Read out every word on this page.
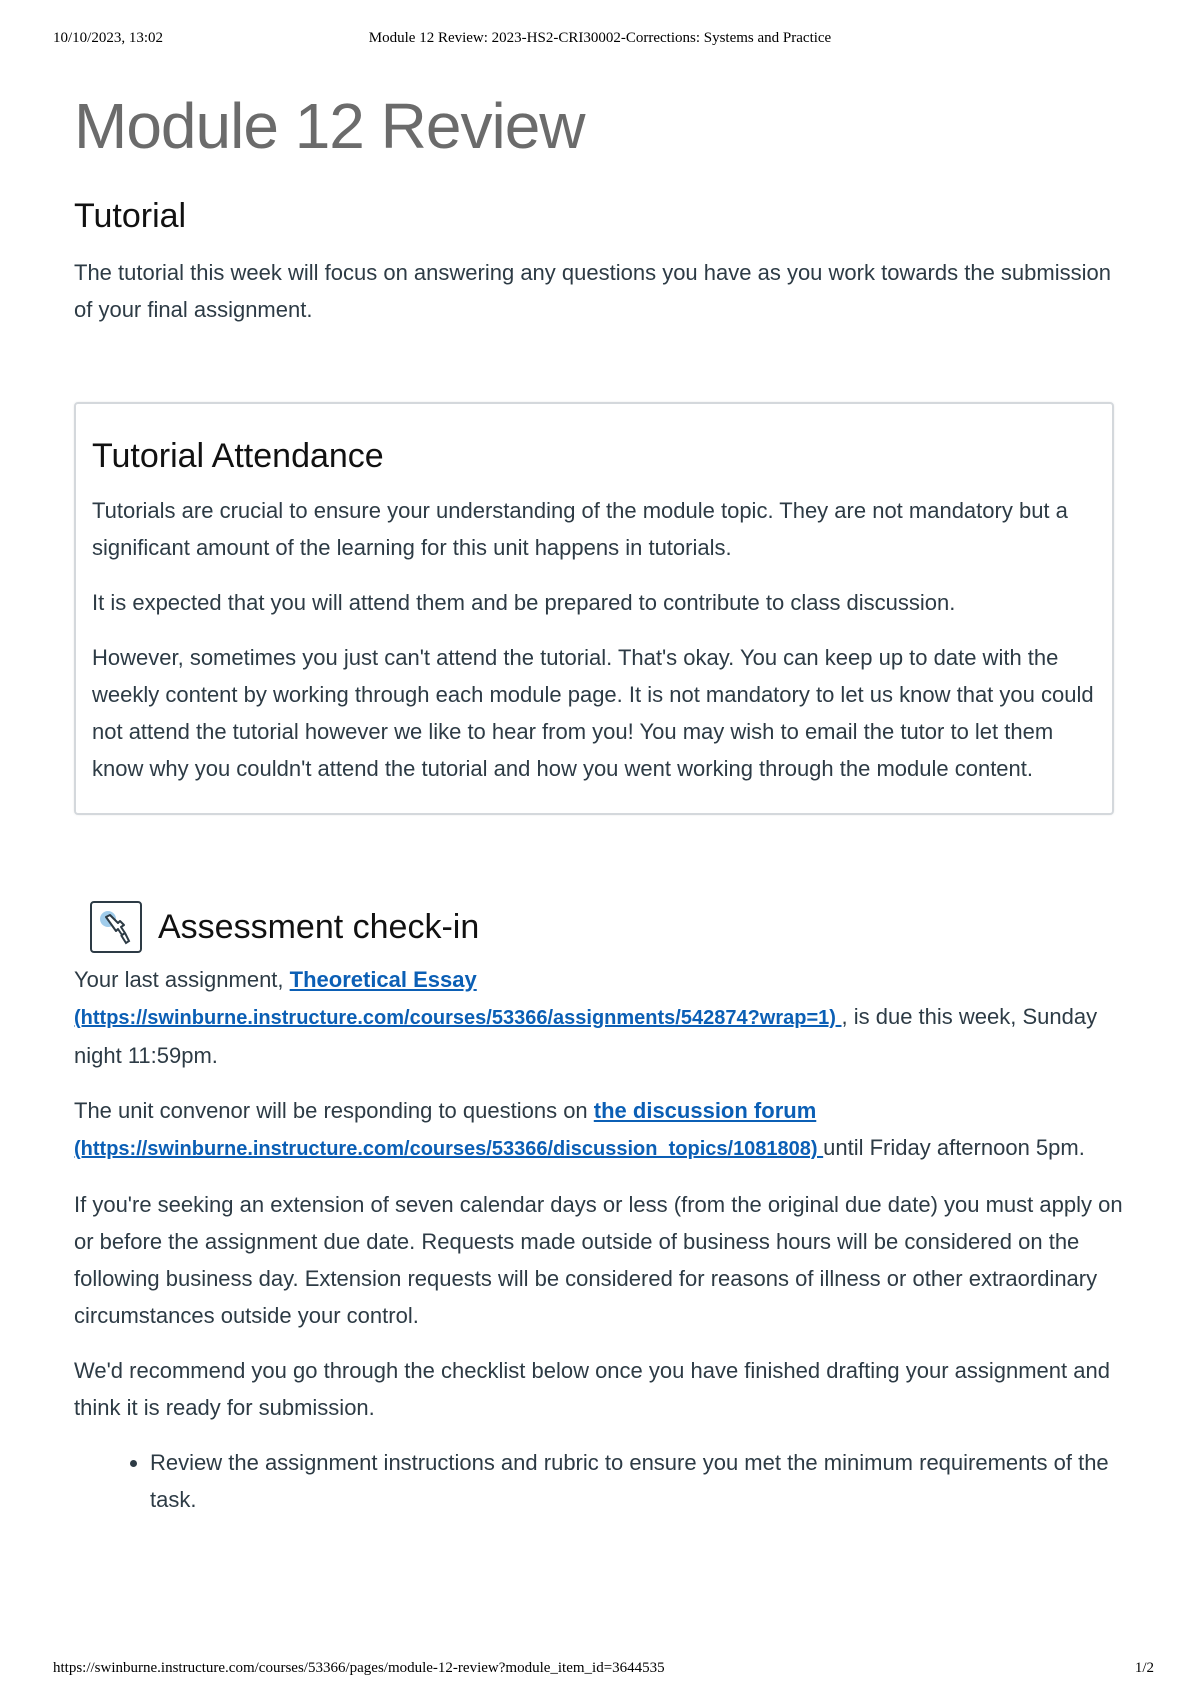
10/10/2023, 13:02	Module 12 Review: 2023-HS2-CRI30002-Corrections: Systems and Practice
Module 12 Review
Tutorial

The tutorial this week will focus on answering any questions you have as you work towards the submission of your final assignment.

Tutorial Attendance

Tutorials are crucial to ensure your understanding of the module topic. They are not mandatory but a significant amount of the learning for this unit happens in tutorials.

It is expected that you will attend them and be prepared to contribute to class discussion.

However, sometimes you just can't attend the tutorial. That's okay. You can keep up to date with the weekly content by working through each module page. It is not mandatory to let us know that you could not attend the tutorial however we like to hear from you! You may wish to email the tutor to let them know why you couldn't attend the tutorial and how you went working through the module content.

Assessment check-in

Your last assignment, Theoretical Essay
(https://swinburne.instructure.com/courses/53366/assignments/542874?wrap=1) , is due this week, Sunday night 11:59pm.

The unit convenor will be responding to questions on the discussion forum
(https://swinburne.instructure.com/courses/53366/discussion_topics/1081808) until Friday afternoon 5pm.

If you're seeking an extension of seven calendar days or less (from the original due date) you must apply on or before the assignment due date. Requests made outside of business hours will be considered on the following business day. Extension requests will be considered for reasons of illness or other extraordinary circumstances outside your control.

We'd recommend you go through the checklist below once you have finished drafting your assignment and think it is ready for submission.

• Review the assignment instructions and rubric to ensure you met the minimum requirements of the task.
https://swinburne.instructure.com/courses/53366/pages/module-12-review?module_item_id=3644535	1/2
